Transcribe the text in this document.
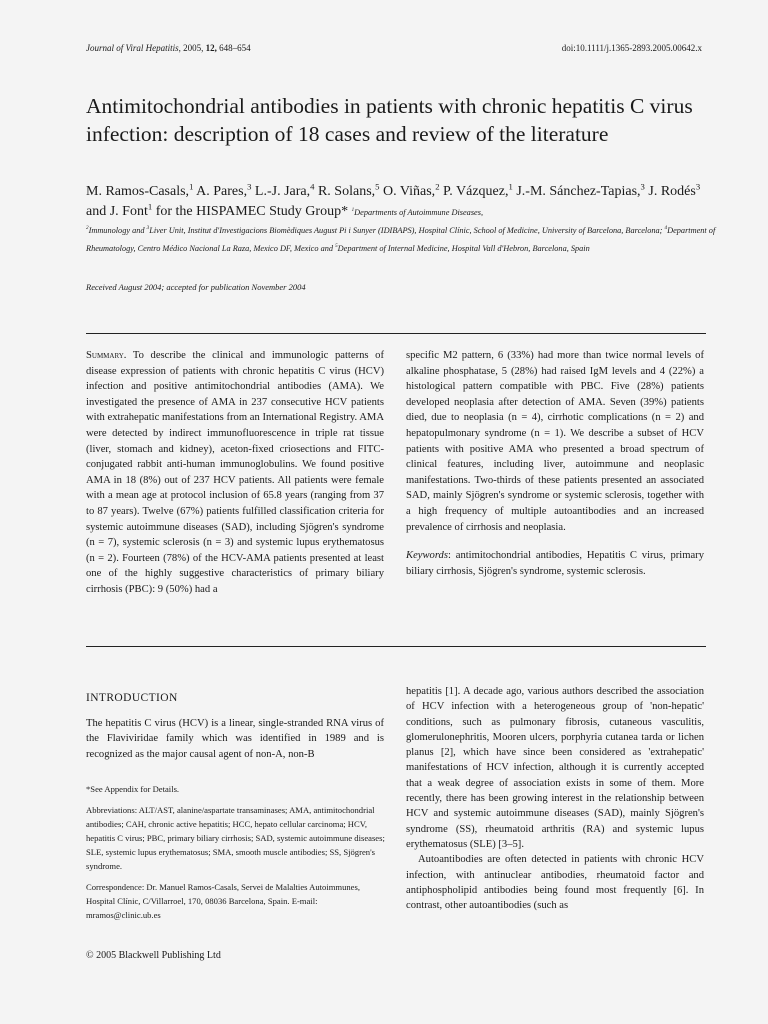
Journal of Viral Hepatitis, 2005, 12, 648–654	doi:10.1111/j.1365-2893.2005.00642.x
Antimitochondrial antibodies in patients with chronic hepatitis C virus infection: description of 18 cases and review of the literature
M. Ramos-Casals,$^1$ A. Pares,$^3$ L.-J. Jara,$^4$ R. Solans,$^5$ O. Viñas,$^2$ P. Vázquez,$^1$ J.-M. Sánchez-Tapias,$^3$ J. Rodés$^3$ and J. Font$^1$ for the HISPAMEC Study Group* $^1$Departments of Autoimmune Diseases,
$^2$Immunology and $^3$Liver Unit, Institut d'Investigacions Biomèdiques August Pi i Sunyer (IDIBAPS), Hospital Clínic, School of Medicine, University of Barcelona, Barcelona; $^4$Department of Rheumatology, Centro Médico Nacional La Raza, Mexico DF, Mexico and $^5$Department of Internal Medicine, Hospital Vall d'Hebron, Barcelona, Spain
Received August 2004; accepted for publication November 2004

Summary. To describe the clinical and immunologic patterns of disease expression of patients with chronic hepatitis C virus (HCV) infection and positive antimitochondrial antibodies (AMA). We investigated the presence of AMA in 237 consecutive HCV patients with extrahepatic manifestations from an International Registry. AMA were detected by indirect immunofluorescence in triple rat tissue (liver, stomach and kidney), aceton-fixed criosections and FITC-conjugated rabbit anti-human immunoglobulins. We found positive AMA in 18 (8%) out of 237 HCV patients. All patients were female with a mean age at protocol inclusion of 65.8 years (ranging from 37 to 87 years). Twelve (67%) patients fulfilled classification criteria for systemic autoimmune diseases (SAD), including Sjögren's syndrome (n = 7), systemic sclerosis (n = 3) and systemic lupus erythematosus (n = 2). Fourteen (78%) of the HCV-AMA patients presented at least one of the highly suggestive characteristics of primary biliary cirrhosis (PBC): 9 (50%) had a

specific M2 pattern, 6 (33%) had more than twice normal levels of alkaline phosphatase, 5 (28%) had raised IgM levels and 4 (22%) a histological pattern compatible with PBC. Five (28%) patients developed neoplasia after detection of AMA. Seven (39%) patients died, due to neoplasia (n = 4), cirrhotic complications (n = 2) and hepatopulmonary syndrome (n = 1). We describe a subset of HCV patients with positive AMA who presented a broad spectrum of clinical features, including liver, autoimmune and neoplasic manifestations. Two-thirds of these patients presented an associated SAD, mainly Sjögren's syndrome or systemic sclerosis, together with a high frequency of multiple autoantibodies and an increased prevalence of cirrhosis and neoplasia.

Keywords: antimitochondrial antibodies, Hepatitis C virus, primary biliary cirrhosis, Sjögren's syndrome, systemic sclerosis.

INTRODUCTION

The hepatitis C virus (HCV) is a linear, single-stranded RNA virus of the Flaviviridae family which was identified in 1989 and is recognized as the major causal agent of non-A, non-B

*See Appendix for Details.

Abbreviations: ALT/AST, alanine/aspartate transaminases; AMA, antimitochondrial antibodies; CAH, chronic active hepatitis; HCC, hepato cellular carcinoma; HCV, hepatitis C virus; PBC, primary biliary cirrhosis; SAD, systemic autoimmune diseases; SLE, systemic lupus erythematosus; SMA, smooth muscle antibodies; SS, Sjögren's syndrome.

Correspondence: Dr. Manuel Ramos-Casals, Servei de Malalties Autoimmunes, Hospital Clínic, C/Villarroel, 170, 08036 Barcelona, Spain. E-mail: mramos@clinic.ub.es

hepatitis [1]. A decade ago, various authors described the association of HCV infection with a heterogeneous group of 'non-hepatic' conditions, such as pulmonary fibrosis, cutaneous vasculitis, glomerulonephritis, Mooren ulcers, porphyria cutanea tarda or lichen planus [2], which have since been considered as 'extrahepatic' manifestations of HCV infection, although it is currently accepted that a weak degree of association exists in some of them. More recently, there has been growing interest in the relationship between HCV and systemic autoimmune diseases (SAD), mainly Sjögren's syndrome (SS), rheumatoid arthritis (RA) and systemic lupus erythematosus (SLE) [3–5].

Autoantibodies are often detected in patients with chronic HCV infection, with antinuclear antibodies, rheumatoid factor and antiphospholipid antibodies being found most frequently [6]. In contrast, other autoantibodies (such as

© 2005 Blackwell Publishing Ltd
